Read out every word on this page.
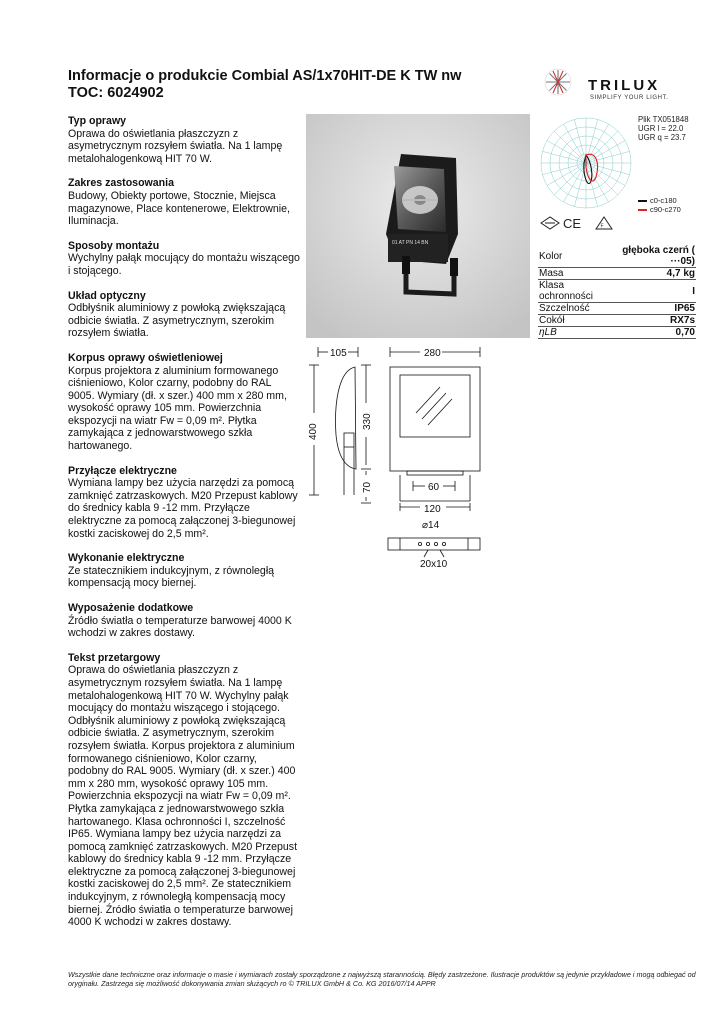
Informacje o produkcie Combial AS/1x70HIT-DE K TW nw
TOC: 6024902	TRILUX
SIMPLIFY YOUR LIGHT.
Typ oprawy

Oprawa do oświetlania płaszczyzn z asymetrycznym rozsyłem światła. Na 1 lampę metalohalogenkową HIT 70 W.

Zakres zastosowania

Budowy, Obiekty portowe, Stocznie, Miejsca magazynowe, Place kontenerowe, Elektrownie, Iluminacja.

Sposoby montażu

Wychylny pałąk mocujący do montażu wiszącego i stojącego.

Układ optyczny

Odbłyśnik aluminiowy z powłoką zwiększającą odbicie światła. Z asymetrycznym, szerokim rozsyłem światła.

Korpus oprawy oświetleniowej

Korpus projektora z aluminium formowanego ciśnieniowo, Kolor czarny, podobny do RAL 9005. Wymiary (dł. x szer.) 400 mm x 280 mm, wysokość oprawy 105 mm. Powierzchnia ekspozycji na wiatr Fw = 0,09 m². Płytka zamykająca z jednowarstwowego szkła hartowanego.

Przyłącze elektryczne

Wymiana lampy bez użycia narzędzi za pomocą zamknięć zatrzaskowych. M20 Przepust kablowy do średnicy kabla 9 -12 mm. Przyłącze elektryczne za pomocą załączonej 3-biegunowej kostki zaciskowej do 2,5 mm².

Wykonanie elektryczne

Ze statecznikiem indukcyjnym, z równoległą kompensacją mocy biernej.

Wyposażenie dodatkowe

Źródło światła o temperaturze barwowej 4000 K wchodzi w zakres dostawy.

Tekst przetargowy

Oprawa do oświetlania płaszczyzn z asymetrycznym rozsyłem światła. Na 1 lampę metalohalogenkową HIT 70 W. Wychylny pałąk mocujący do montażu wiszącego i stojącego. Odbłyśnik aluminiowy z powłoką zwiększającą odbicie światła. Z asymetrycznym, szerokim rozsyłem światła. Korpus projektora z aluminium formowanego ciśnieniowo, Kolor czarny, podobny do RAL 9005. Wymiary (dł. x szer.) 400 mm x 280 mm, wysokość oprawy 105 mm. Powierzchnia ekspozycji na wiatr Fw = 0,09 m². Płytka zamykająca z jednowarstwowego szkła hartowanego. Klasa ochronności I, szczelność IP65. Wymiana lampy bez użycia narzędzi za pomocą zamknięć zatrzaskowych. M20 Przepust kablowy do średnicy kabla 9 -12 mm. Przyłącze elektryczne za pomocą załączonej 3-biegunowej kostki zaciskowej do 2,5 mm². Ze statecznikiem indukcyjnym, z równoległą kompensacją mocy biernej. Źródło światła o temperaturze barwowej 4000 K wchodzi w zakres dostawy.

01 AT PN 14 BN
Plik TX051848
UGR l = 22.0
UGR q = 23.7
c0-c180
c90-c270
CE	F
Kolor	głęboka czerń ( ···05)
Masa	4,7 kg
Klasa ochronności	I
Szczelność	IP65
Cokół	RX7s
ηLB	0,70
105	280
400
330
70	60
120
⌀14
20x10
Wszystkie dane techniczne oraz informacje o masie i wymiarach zostały sporządzone z najwyższą starannością. Błędy zastrzeżone. Ilustracje produktów są jedynie przykładowe i mogą odbiegać od oryginału. Zastrzega się możliwość dokonywania zmian służących ro © TRILUX GmbH & Co. KG 2016/07/14 APPR
